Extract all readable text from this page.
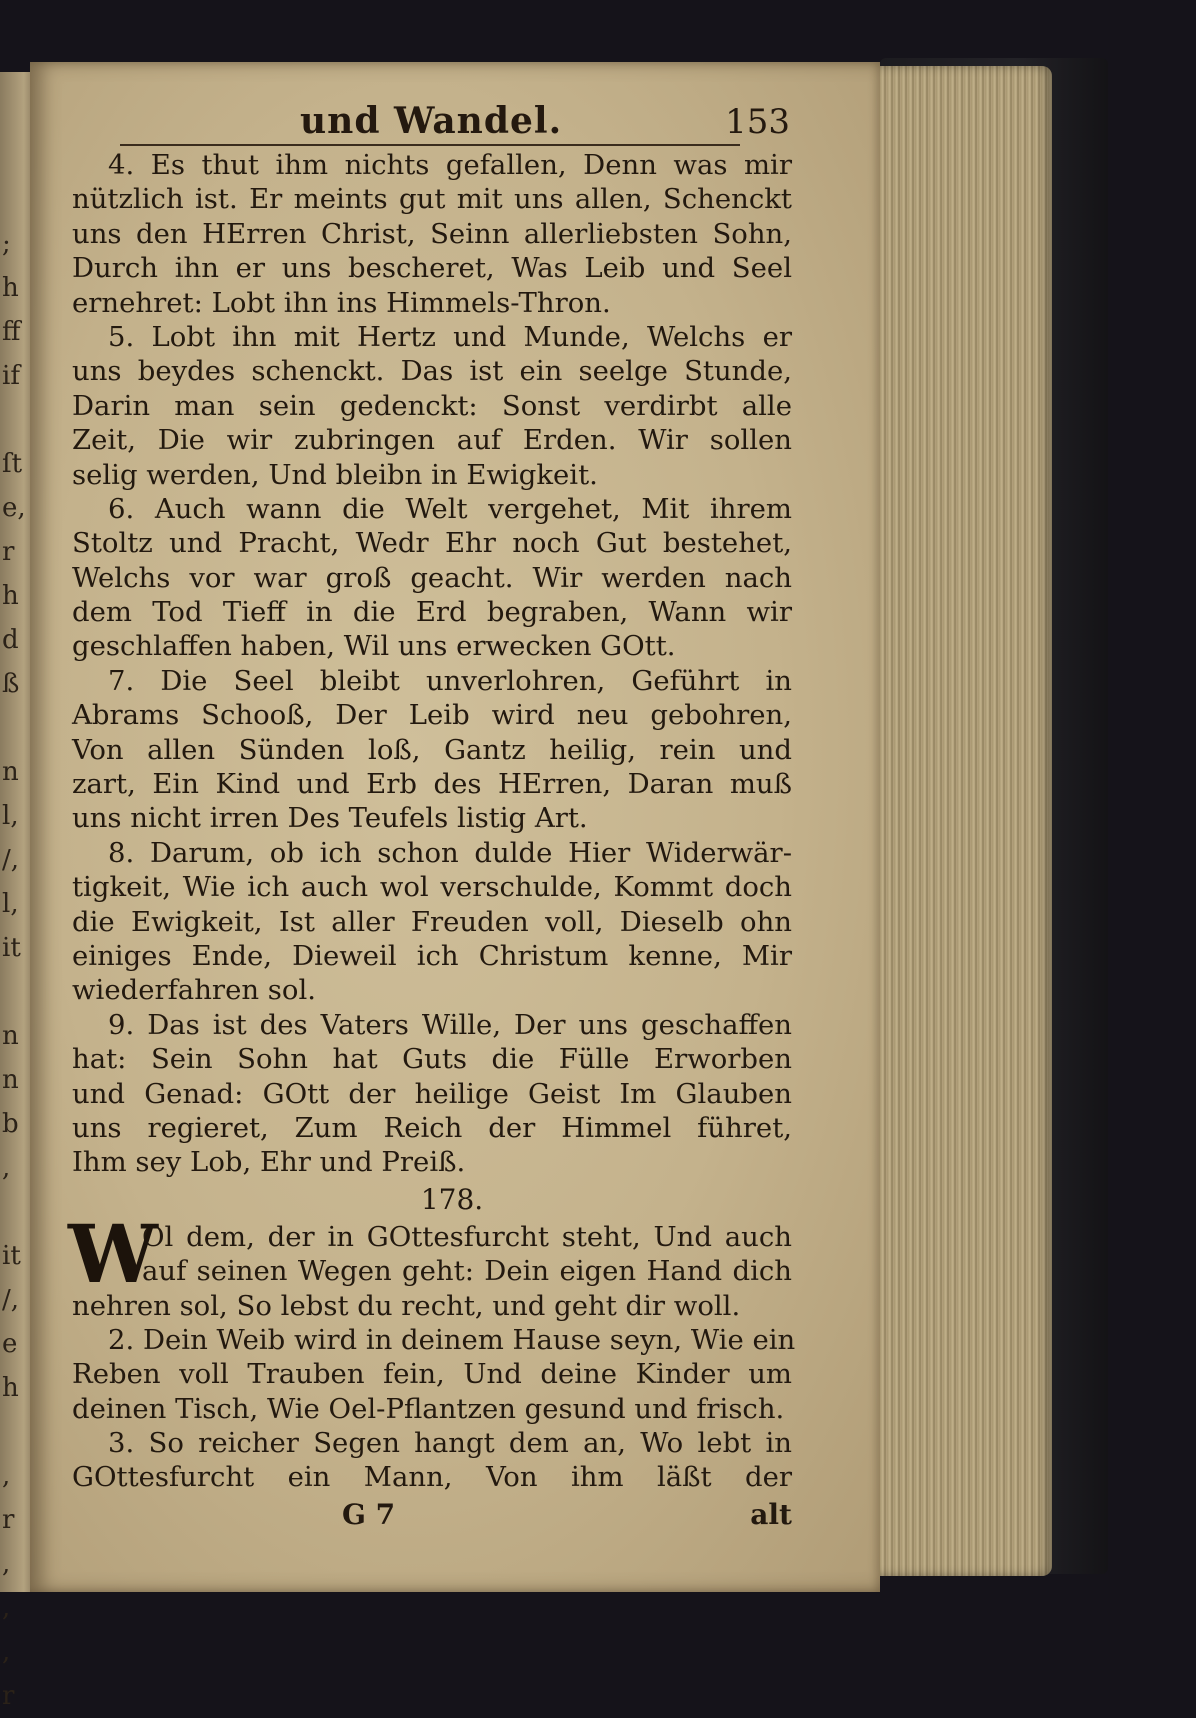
;
h
ff
if

ſt
e,
r
h
d
ß

n
l,
/,
l,
it

n
n
b
,

it
/,
e
h

,
r
,
,
,
r
und Wandel.	153
4. Es thut ihm nichts gefallen, Denn was mir
nützlich ist. Er meints gut mit uns allen, Schenckt
uns den HErren Christ, Seinn allerliebsten Sohn,
Durch ihn er uns bescheret, Was Leib und Seel
ernehret: Lobt ihn ins Himmels-Thron.
5. Lobt ihn mit Hertz und Munde, Welchs er
uns beydes schenckt. Das ist ein seelge Stunde,
Darin man sein gedenckt: Sonst verdirbt alle
Zeit, Die wir zubringen auf Erden. Wir sollen
selig werden, Und bleibn in Ewigkeit.
6. Auch wann die Welt vergehet, Mit ihrem
Stoltz und Pracht, Wedr Ehr noch Gut bestehet,
Welchs vor war groß geacht. Wir werden nach
dem Tod Tieff in die Erd begraben, Wann wir
geschlaffen haben, Wil uns erwecken GOtt.
7. Die Seel bleibt unverlohren, Geführt in
Abrams Schooß, Der Leib wird neu gebohren,
Von allen Sünden loß, Gantz heilig, rein und
zart, Ein Kind und Erb des HErren, Daran muß
uns nicht irren Des Teufels listig Art.
8. Darum, ob ich schon dulde Hier Widerwär-
tigkeit, Wie ich auch wol verschulde, Kommt doch
die Ewigkeit, Ist aller Freuden voll, Dieselb ohn
einiges Ende, Dieweil ich Christum kenne, Mir
wiederfahren sol.
9. Das ist des Vaters Wille, Der uns geschaffen
hat: Sein Sohn hat Guts die Fülle Erworben
und Genad: GOtt der heilige Geist Im Glauben
uns regieret, Zum Reich der Himmel führet,
Ihm sey Lob, Ehr und Preiß.
178.
W
Ol dem, der in GOttesfurcht steht, Und auch
auf seinen Wegen geht: Dein eigen Hand dich
nehren sol, So lebst du recht, und geht dir woll.
2. Dein Weib wird in deinem Hause seyn, Wie ein
Reben voll Trauben fein, Und deine Kinder um
deinen Tisch, Wie Oel-Pflantzen gesund und frisch.
3. So reicher Segen hangt dem an, Wo lebt in
GOttesfurcht ein Mann, Von ihm läßt der
G 7	alt
